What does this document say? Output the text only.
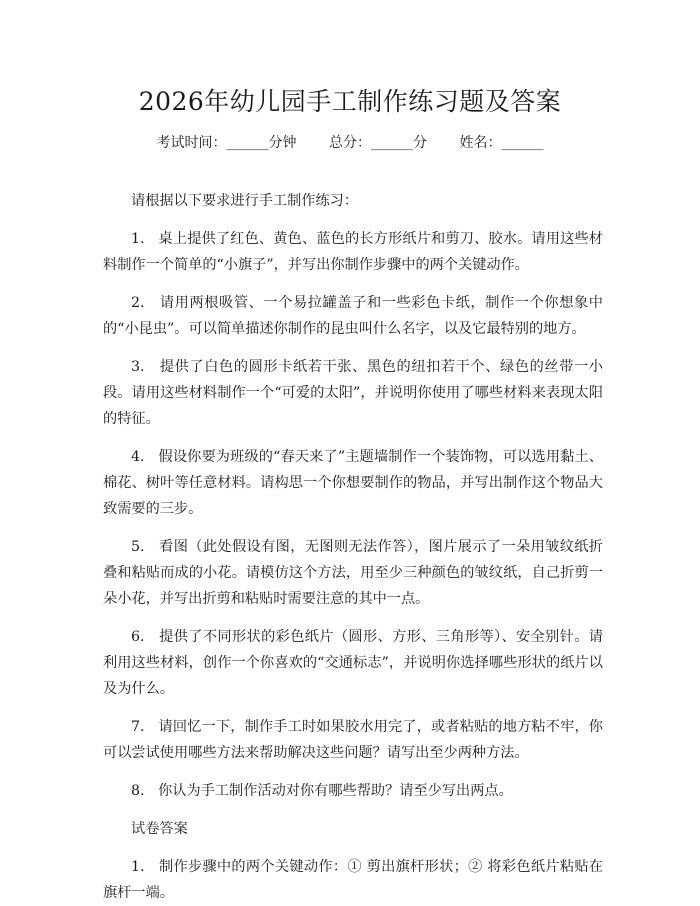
2026年幼儿园手工制作练习题及答案
考试时间：______分钟 总分：______分 姓名：______

请根据以下要求进行手工制作练习：

1.   桌上提供了红色、黄色、蓝色的长方形纸片和剪刀、胶水。请用这些材料制作一个简单的“小旗子”，并写出你制作步骤中的两个关键动作。

2.   请用两根吸管、一个易拉罐盖子和一些彩色卡纸，制作一个你想象中的“小昆虫”。可以简单描述你制作的昆虫叫什么名字，以及它最特别的地方。

3.   提供了白色的圆形卡纸若干张、黑色的纽扣若干个、绿色的丝带一小段。请用这些材料制作一个“可爱的太阳”，并说明你使用了哪些材料来表现太阳的特征。

4.   假设你要为班级的“春天来了”主题墙制作一个装饰物，可以选用黏土、棉花、树叶等任意材料。请构思一个你想要制作的物品，并写出制作这个物品大致需要的三步。

5.   看图（此处假设有图，无图则无法作答），图片展示了一朵用皱纹纸折叠和粘贴而成的小花。请模仿这个方法，用至少三种颜色的皱纹纸，自己折剪一朵小花，并写出折剪和粘贴时需要注意的其中一点。

6.   提供了不同形状的彩色纸片（圆形、方形、三角形等）、安全别针。请利用这些材料，创作一个你喜欢的“交通标志”，并说明你选择哪些形状的纸片以及为什么。

7.   请回忆一下，制作手工时如果胶水用完了，或者粘贴的地方粘不牢，你可以尝试使用哪些方法来帮助解决这些问题？请写出至少两种方法。

8.   你认为手工制作活动对你有哪些帮助？请至少写出两点。

试卷答案

1.   制作步骤中的两个关键动作：① 剪出旗杆形状；② 将彩色纸片粘贴在旗杆一端。
